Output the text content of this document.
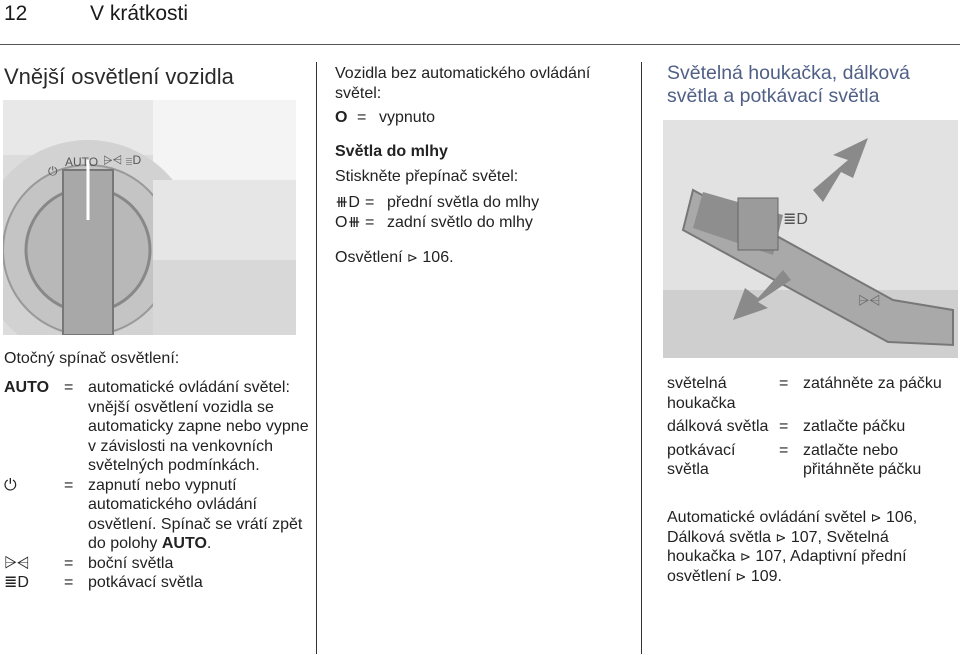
12	V krátkosti
Vnější osvětlení vozidla
⏻
AUTO ⩥⩤ ≣D
Otočný spínač osvětlení:
AUTO	=	automatické ovládání světel: vnější osvětlení vozidla se automaticky zapne nebo vypne v závislosti na venkovních světelných podmínkách.
⏻	=	zapnutí nebo vypnutí automatického ovládání osvětlení. Spínač se vrátí zpět do polohy AUTO.
⩥⩤	=	boční světla
≣D	=	potkávací světla
Vozidla bez automatického ovládání světel:
O = vypnuto
Světla do mlhy
Stiskněte přepínač světel:
⧻D = přední světla do mlhy
O⧻ = zadní světlo do mlhy
Osvětlení ⊳ 106.
Světelná houkačka, dálková světla a potkávací světla
≣D
⩥⩤
světelná houkačka	=	zatáhněte za páčku
dálková světla	=	zatlačte páčku
potkávací světla	=	zatlačte nebo přitáhněte páčku
Automatické ovládání světel ⊳ 106, Dálková světla ⊳ 107, Světelná houkačka ⊳ 107, Adaptivní přední osvětlení ⊳ 109.
